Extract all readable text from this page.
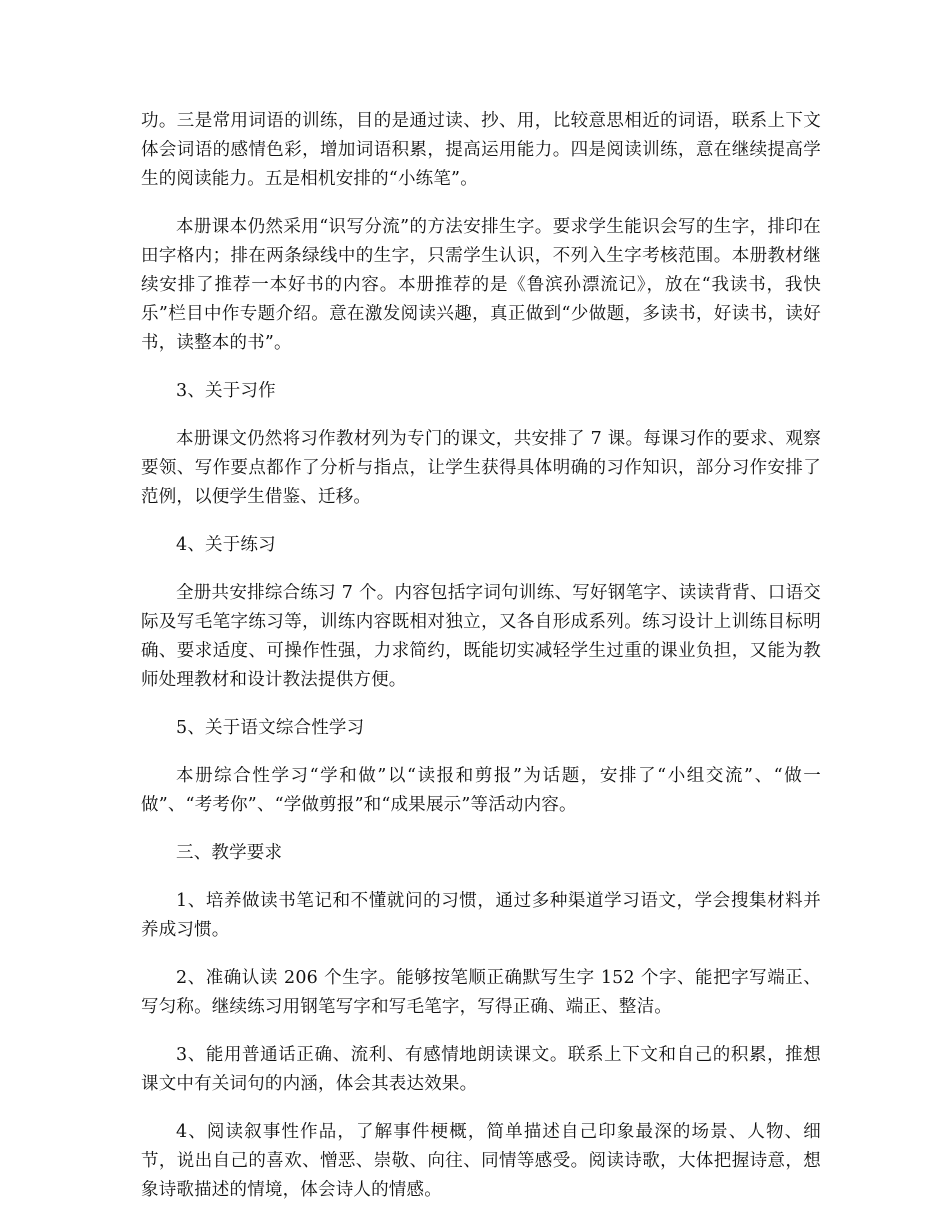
功。三是常用词语的训练，目的是通过读、抄、用，比较意思相近的词语，联系上下文体会词语的感情色彩，增加词语积累，提高运用能力。四是阅读训练，意在继续提高学生的阅读能力。五是相机安排的“小练笔”。

本册课本仍然采用“识写分流”的方法安排生字。要求学生能识会写的生字，排印在田字格内；排在两条绿线中的生字，只需学生认识，不列入生字考核范围。本册教材继续安排了推荐一本好书的内容。本册推荐的是《鲁滨孙漂流记》，放在“我读书，我快乐”栏目中作专题介绍。意在激发阅读兴趣，真正做到“少做题，多读书，好读书，读好书，读整本的书”。

3、关于习作

本册课文仍然将习作教材列为专门的课文，共安排了 7 课。每课习作的要求、观察要领、写作要点都作了分析与指点，让学生获得具体明确的习作知识，部分习作安排了范例，以便学生借鉴、迁移。

4、关于练习

全册共安排综合练习 7 个。内容包括字词句训练、写好钢笔字、读读背背、口语交际及写毛笔字练习等，训练内容既相对独立，又各自形成系列。练习设计上训练目标明确、要求适度、可操作性强，力求简约，既能切实减轻学生过重的课业负担，又能为教师处理教材和设计教法提供方便。

5、关于语文综合性学习

本册综合性学习“学和做”以“读报和剪报”为话题，安排了“小组交流”、“做一做”、“考考你”、“学做剪报”和“成果展示”等活动内容。

三、教学要求

1、培养做读书笔记和不懂就问的习惯，通过多种渠道学习语文，学会搜集材料并养成习惯。

2、准确认读 206 个生字。能够按笔顺正确默写生字 152 个字、能把字写端正、写匀称。继续练习用钢笔写字和写毛笔字，写得正确、端正、整洁。

3、能用普通话正确、流利、有感情地朗读课文。联系上下文和自己的积累，推想课文中有关词句的内涵，体会其表达效果。

4、阅读叙事性作品，了解事件梗概，简单描述自己印象最深的场景、人物、细节，说出自己的喜欢、憎恶、崇敬、向往、同情等感受。阅读诗歌，大体把握诗意，想象诗歌描述的情境，体会诗人的情感。
